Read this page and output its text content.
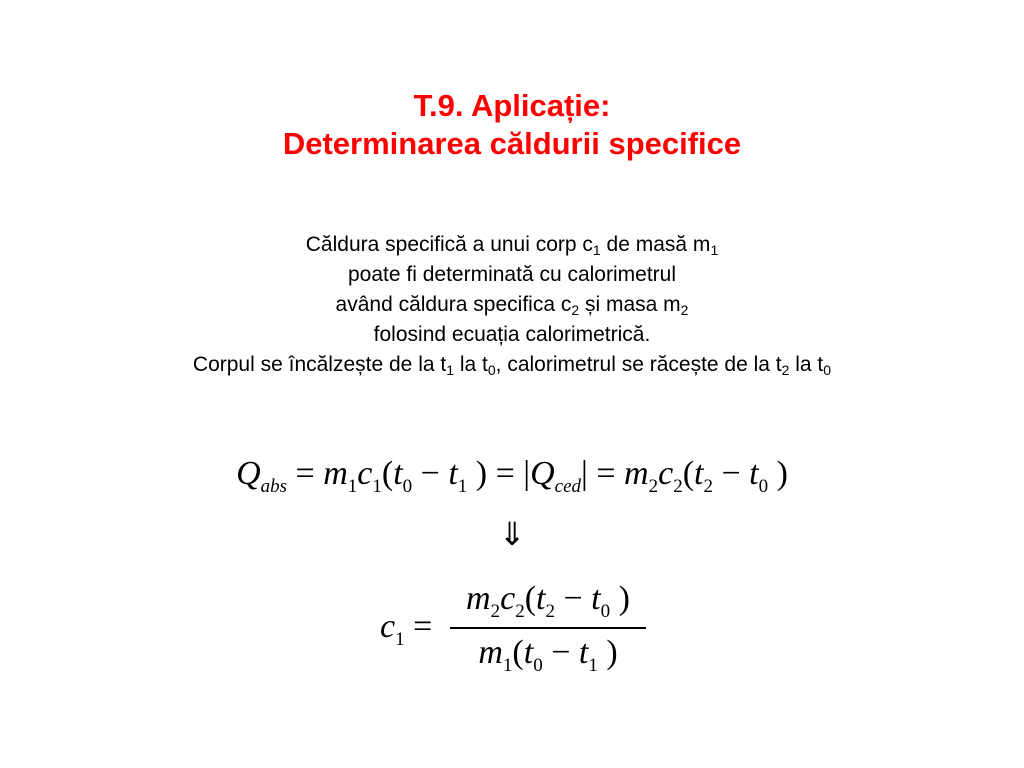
T.9. Aplicație:
Determinarea căldurii specifice
Căldura specifică a unui corp $c_1$ de masă $m_1$
poate fi determinată cu calorimetrul
având căldura specifica $c_2$ și masa $m_2$
folosind ecuația calorimetrică.
Corpul se încălzește de la $t_1$ la $t_0$, calorimetrul se răcește de la $t_2$ la $t_0$
$Q_{abs} = m_1c_1(t_0 - t_1$ ) = $|Q_{ced}| = m_2c_2(t_2 - t_0$ )
⇓
$c_1$ =
$m_2c_2(t_2 - t_0$ )
$m_1(t_0 - t_1$ )
